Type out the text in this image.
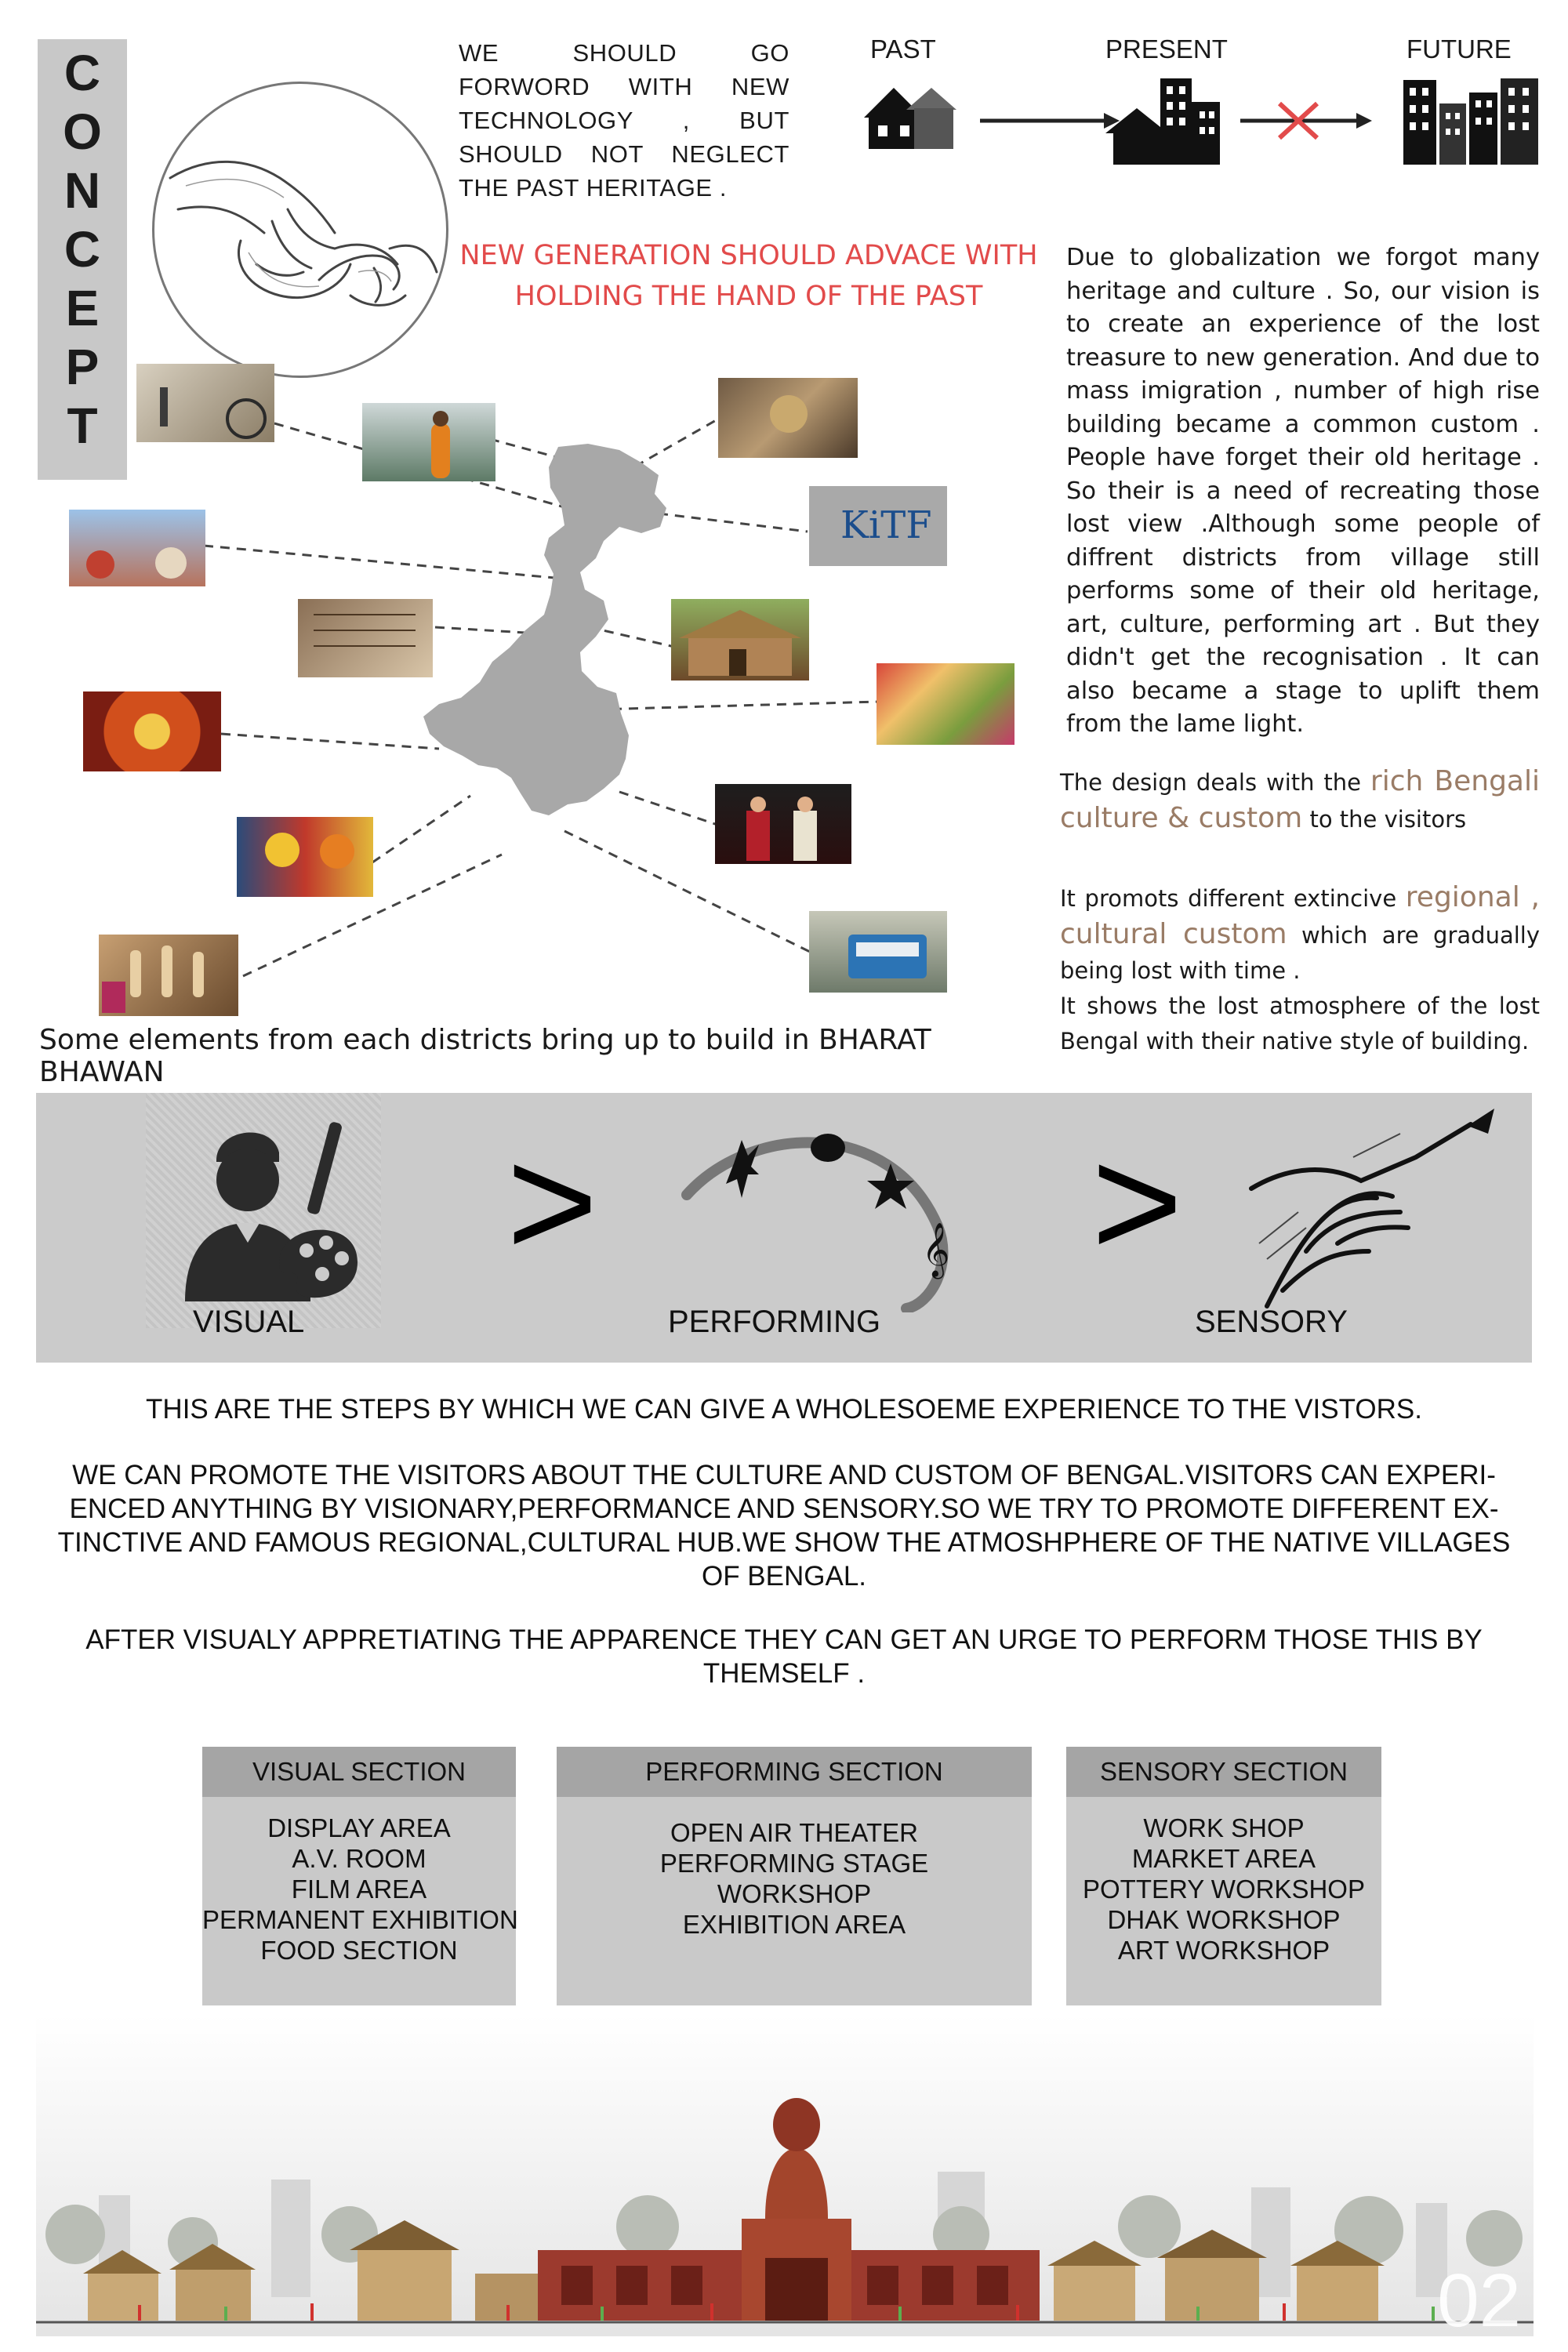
C
O
N
C
E
P
T
WE SHOULD GO FORWORD WITH NEW TECHNOLOGY , BUT SHOULD NOT NEGLECT THE PAST HERITAGE .
PAST	PRESENT	FUTURE
NEW GENERATION SHOULD ADVACE WITH
HOLDING THE HAND OF THE PAST
Due to globalization we forgot many heritage and culture . So, our vision is to create an experience of the lost treasure to new generation. And due to mass imigration , number of high rise building became a common custom . People have forget their old heritage . So their is a need of recreating those lost view .Although some people of diffrent districts from village still performs some of their old heritage, art, culture, performing art . But they didn't get the recognisation . It can also became a stage to uplift them from the lame light.
The design deals with the rich Bengali culture & custom to the visitors
It promots different extincive regional , cultural custom which are gradually being lost with time .
It shows the lost atmosphere of the lost Bengal with their native style of building.
KiTF
Some elements from each districts bring up to build in BHARAT BHAWAN
VISUAL
>	𝄞
PERFORMING
>
SENSORY
THIS ARE THE STEPS BY WHICH WE CAN GIVE A WHOLESOEME EXPERIENCE TO THE VISTORS.
WE CAN PROMOTE THE VISITORS ABOUT THE CULTURE AND CUSTOM OF BENGAL.VISITORS CAN EXPERI-
ENCED ANYTHING BY VISIONARY,PERFORMANCE AND SENSORY.SO WE TRY TO PROMOTE DIFFERENT EX-
TINCTIVE AND FAMOUS REGIONAL,CULTURAL HUB.WE SHOW THE ATMOSHPHERE OF THE NATIVE VILLAGES
OF BENGAL.
AFTER VISUALY APPRETIATING THE APPARENCE THEY CAN GET AN URGE TO PERFORM THOSE THIS BY
THEMSELF .
VISUAL SECTION
DISPLAY AREA
A.V. ROOM
FILM AREA
PERMANENT EXHIBITION
FOOD SECTION
PERFORMING SECTION
OPEN AIR THEATER
PERFORMING STAGE
WORKSHOP
EXHIBITION AREA
SENSORY SECTION
WORK SHOP
MARKET AREA
POTTERY WORKSHOP
DHAK WORKSHOP
ART WORKSHOP
02
